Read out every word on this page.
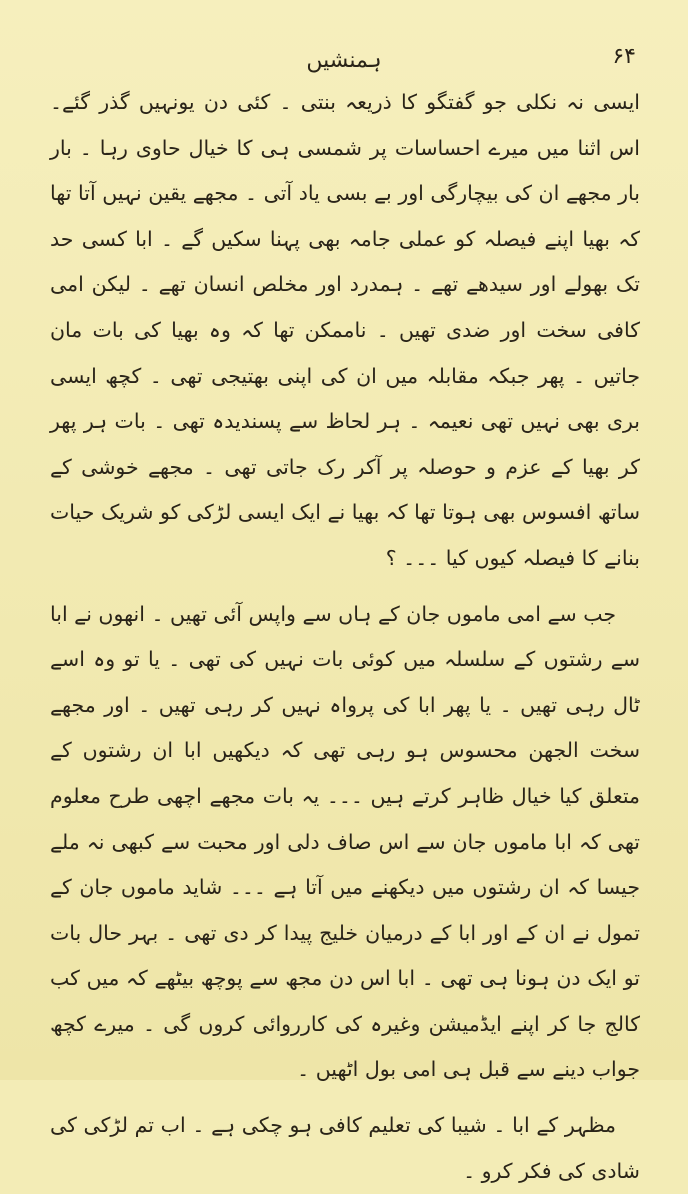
ہمنشیں	۶۴

ایسی نہ نکلی جو گفتگو کا ذریعہ بنتی ۔ کئی دن یونہیں گذر گئے۔ اس اثنا میں میرے احساسات پر شمسی ہی کا خیال حاوی رہا ۔ بار بار مجھے ان کی بیچارگی اور بے بسی یاد آتی ۔ مجھے یقین نہیں آتا تھا کہ بھیا اپنے فیصلہ کو عملی جامہ بھی پہنا سکیں گے ۔ ابا کسی حد تک بھولے اور سیدھے تھے ۔ ہمدرد اور مخلص انسان تھے ۔ لیکن امی کافی سخت اور ضدی تھیں ۔ ناممکن تھا کہ وہ بھیا کی بات مان جاتیں ۔ پھر جبکہ مقابلہ میں ان کی اپنی بھتیجی تھی ۔ کچھ ایسی بری بھی نہیں تھی نعیمہ ۔ ہر لحاظ سے پسندیدہ تھی ۔ بات ہر پھر کر بھیا کے عزم و حوصلہ پر آکر رک جاتی تھی ۔ مجھے خوشی کے ساتھ افسوس بھی ہوتا تھا کہ بھیا نے ایک ایسی لڑکی کو شریک حیات بنانے کا فیصلہ کیوں کیا ۔۔۔ ؟

جب سے امی ماموں جان کے ہاں سے واپس آئی تھیں ۔ انھوں نے ابا سے رشتوں کے سلسلہ میں کوئی بات نہیں کی تھی ۔ یا تو وہ اسے ٹال رہی تھیں ۔ یا پھر ابا کی پرواہ نہیں کر رہی تھیں ۔ اور مجھے سخت الجھن محسوس ہو رہی تھی کہ دیکھیں ابا ان رشتوں کے متعلق کیا خیال ظاہر کرتے ہیں ۔۔۔ یہ بات مجھے اچھی طرح معلوم تھی کہ ابا ماموں جان سے اس صاف دلی اور محبت سے کبھی نہ ملے جیسا کہ ان رشتوں میں دیکھنے میں آتا ہے ۔۔۔ شاید ماموں جان کے تمول نے ان کے اور ابا کے درمیان خلیج پیدا کر دی تھی ۔ بہر حال بات تو ایک دن ہونا ہی تھی ۔ ابا اس دن مجھ سے پوچھ بیٹھے کہ میں کب کالج جا کر اپنے ایڈمیشن وغیرہ کی کارروائی کروں گی ۔ میرے کچھ جواب دینے سے قبل ہی امی بول اٹھیں ۔

مظہر کے ابا ۔ شیبا کی تعلیم کافی ہو چکی ہے ۔ اب تم لڑکی کی شادی کی فکر کرو ۔
